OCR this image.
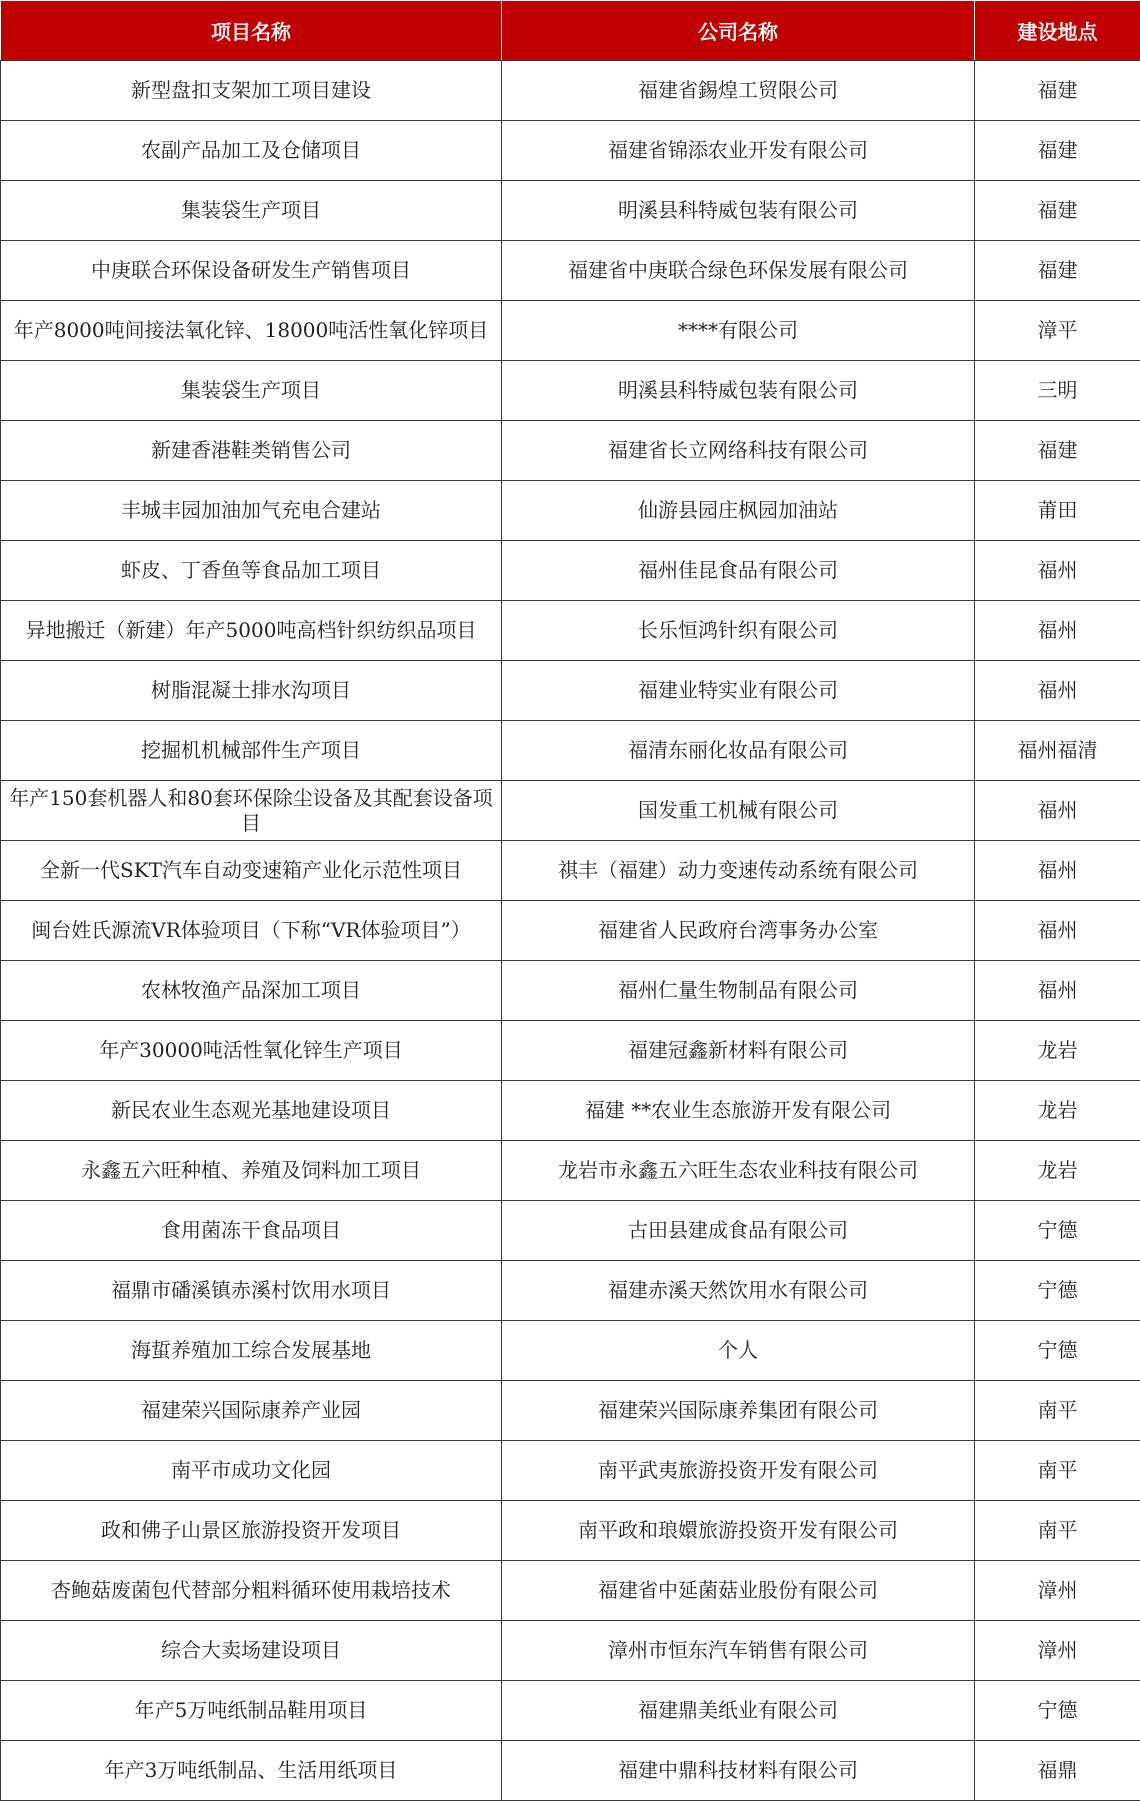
项目名称	公司名称	建设地点
新型盘扣支架加工项目建设	福建省錫煌工贸限公司	福建
农副产品加工及仓储项目	福建省锦添农业开发有限公司	福建
集装袋生产项目	明溪县科特威包装有限公司	福建
中庚联合环保设备研发生产销售项目	福建省中庚联合绿色环保发展有限公司	福建
年产8000吨间接法氧化锌、18000吨活性氧化锌项目	****有限公司	漳平
集装袋生产项目	明溪县科特威包装有限公司	三明
新建香港鞋类销售公司	福建省长立网络科技有限公司	福建
丰城丰园加油加气充电合建站	仙游县园庄枫园加油站	莆田
虾皮、丁香鱼等食品加工项目	福州佳昆食品有限公司	福州
异地搬迁（新建）年产5000吨高档针织纺织品项目	长乐恒鸿针织有限公司	福州
树脂混凝土排水沟项目	福建业特实业有限公司	福州
挖掘机机械部件生产项目	福清东丽化妆品有限公司	福州福清
年产150套机器人和80套环保除尘设备及其配套设备项目	国发重工机械有限公司	福州
全新一代SKT汽车自动变速箱产业化示范性项目	祺丰（福建）动力变速传动系统有限公司	福州
闽台姓氏源流VR体验项目（下称“VR体验项目”）	福建省人民政府台湾事务办公室	福州
农林牧渔产品深加工项目	福州仁量生物制品有限公司	福州
年产30000吨活性氧化锌生产项目	福建冠鑫新材料有限公司	龙岩
新民农业生态观光基地建设项目	福建 **农业生态旅游开发有限公司	龙岩
永鑫五六旺种植、养殖及饲料加工项目	龙岩市永鑫五六旺生态农业科技有限公司	龙岩
食用菌冻干食品项目	古田县建成食品有限公司	宁德
福鼎市磻溪镇赤溪村饮用水项目	福建赤溪天然饮用水有限公司	宁德
海蜇养殖加工综合发展基地	个人	宁德
福建荣兴国际康养产业园	福建荣兴国际康养集团有限公司	南平
南平市成功文化园	南平武夷旅游投资开发有限公司	南平
政和佛子山景区旅游投资开发项目	南平政和琅嬛旅游投资开发有限公司	南平
杏鲍菇废菌包代替部分粗料循环使用栽培技术	福建省中延菌菇业股份有限公司	漳州
综合大卖场建设项目	漳州市恒东汽车销售有限公司	漳州
年产5万吨纸制品鞋用项目	福建鼎美纸业有限公司	宁德
年产3万吨纸制品、生活用纸项目	福建中鼎科技材料有限公司	福鼎
